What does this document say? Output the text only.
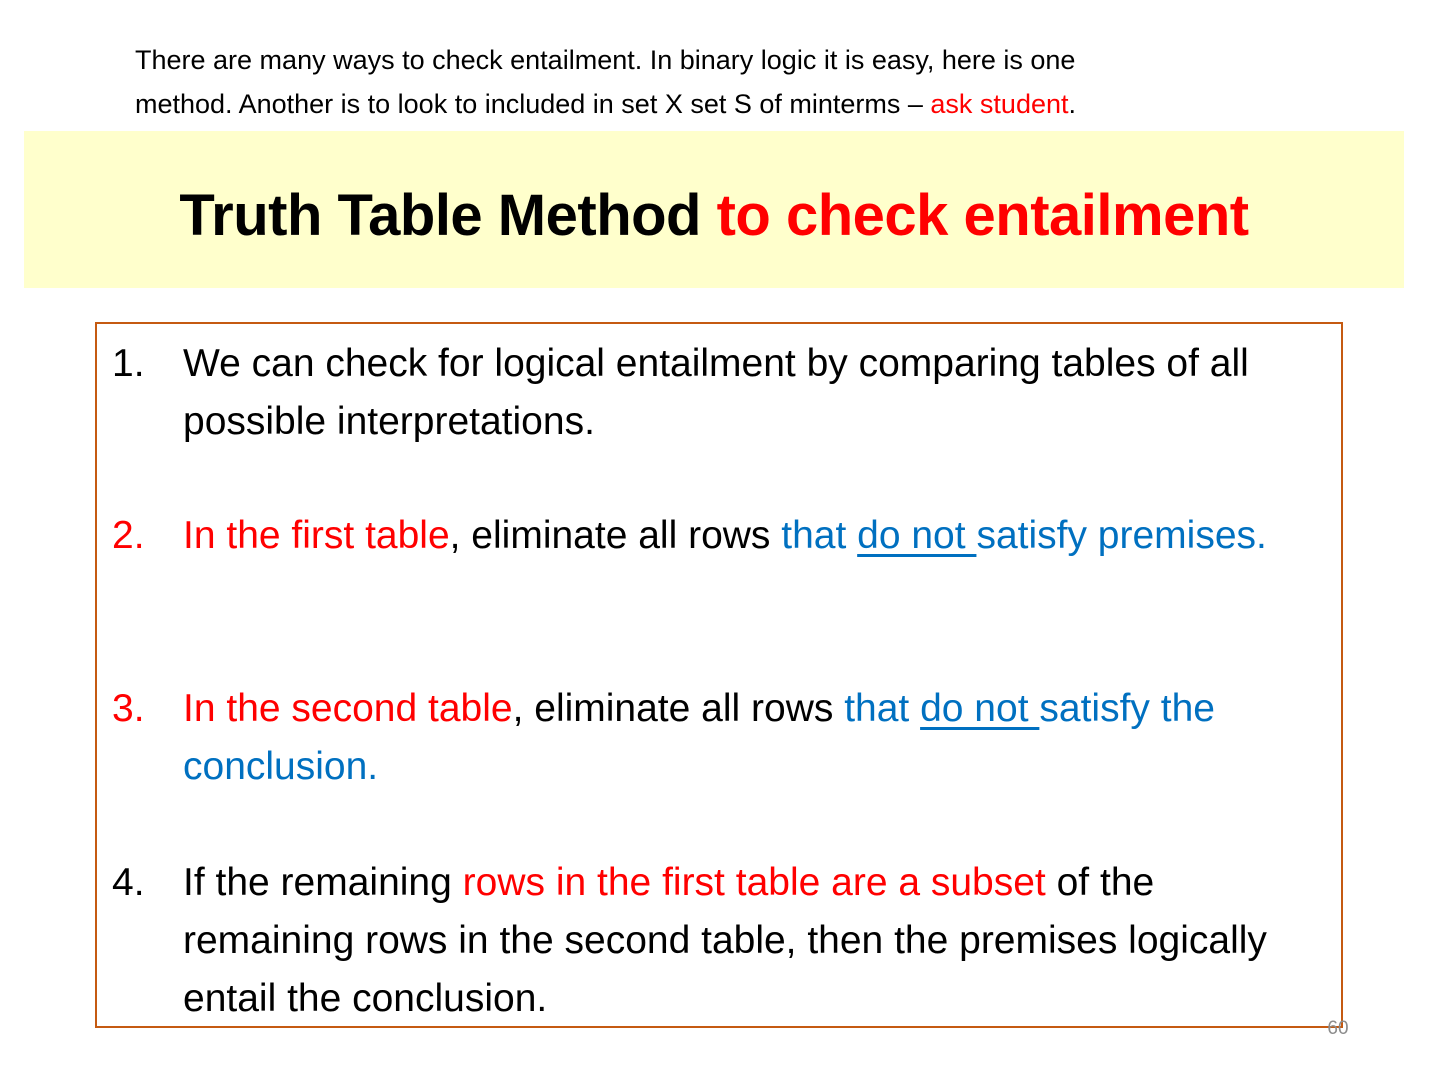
There are many ways to check entailment. In binary logic it is easy, here is one
method. Another is to look to included in set X set S of minterms – ask student.
Truth Table Method to check entailment
1. We can check for logical entailment by comparing tables of all possible interpretations.
2. In the first table, eliminate all rows that do not satisfy premises.
3. In the second table, eliminate all rows that do not satisfy the conclusion.
4. If the remaining rows in the first table are a subset of the remaining rows in the second table, then the premises logically entail the conclusion.
60
